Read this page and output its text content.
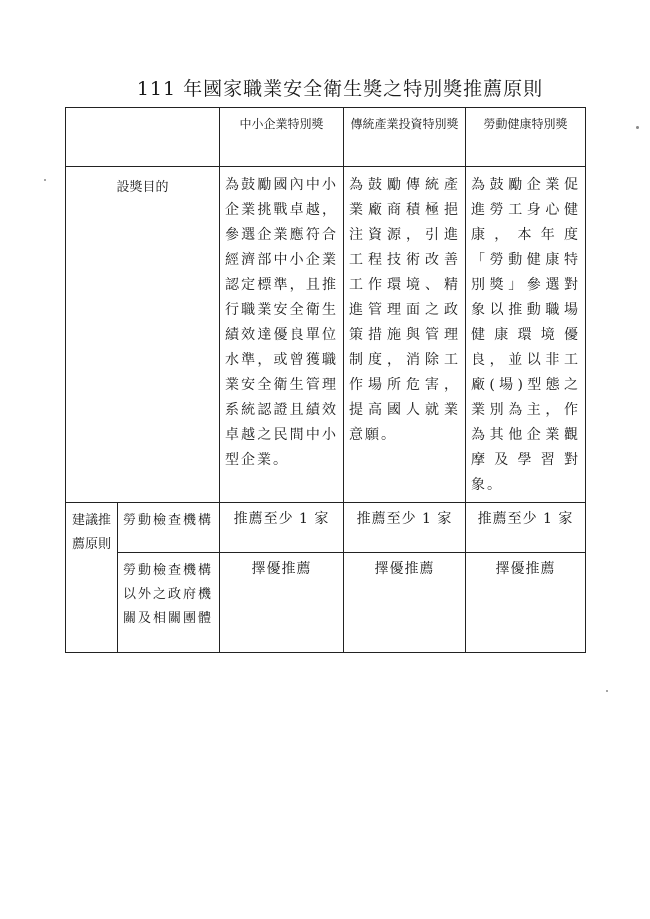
111 年國家職業安全衛生獎之特別獎推薦原則
		中小企業特別獎	傳統產業投資特別獎	勞動健康特別獎
設獎目的		為鼓勵國內中小企業挑戰卓越，參選企業應符合經濟部中小企業認定標準，且推行職業安全衛生績效達優良單位水準，或曾獲職業安全衛生管理系統認證且績效卓越之民間中小型企業。	為鼓勵傳統產業廠商積極挹注資源，引進工程技術改善工作環境、精進管理面之政策措施與管理制度，消除工作場所危害，提高國人就業意願。	為鼓勵企業促進勞工身心健康，本年度「勞動健康特別獎」參選對象以推動職場健康環境優良，並以非工廠(場)型態之業別為主，作為其他企業觀摩及學習對象。
建議推薦原則	勞動檢查機構	推薦至少 1 家	推薦至少 1 家	推薦至少 1 家
	勞動檢查機構以外之政府機關及相關團體	擇優推薦	擇優推薦	擇優推薦
